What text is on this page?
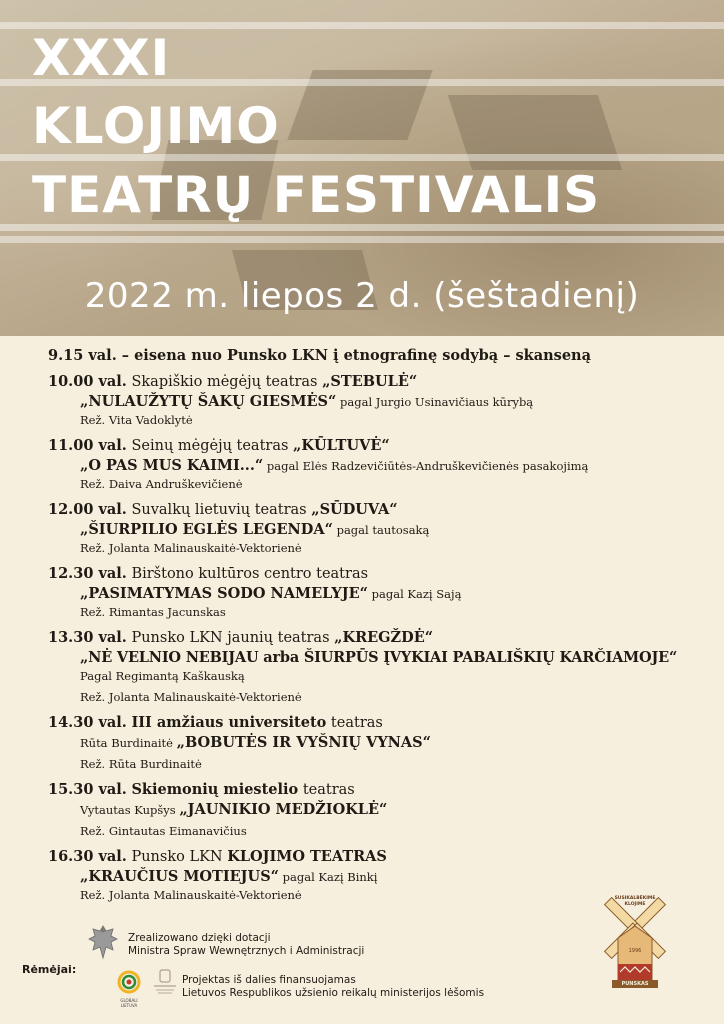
XXXI
KLOJIMO
TEATRŲ FESTIVALIS
2022 m. liepos 2 d. (šeštadienį)
9.15 val. – eisena nuo Punsko LKN į etnografinę sodybą – skanseną
10.00 val. Skapiškio mėgėjų teatras „STEBULĖ“
„NULAUŽYTŲ ŠAKŲ GIESMĖS“ pagal Jurgio Usinavičiaus kūrybą
Rež. Vita Vadoklytė
11.00 val. Seinų mėgėjų teatras „KŪLTUVĖ“
„O PAS MUS KAIMI...“ pagal Elės Radzevičiūtės-Andruškevičienės pasakojimą
Rež. Daiva Andruškevičienė
12.00 val. Suvalkų lietuvių teatras „SŪDUVA“
„ŠIURPILIO EGLĖS LEGENDA“ pagal tautosaką
Rež. Jolanta Malinauskaitė-Vektorienė
12.30 val. Birštono kultūros centro teatras
„PASIMATYMAS SODO NAMELYJE“ pagal Kazį Sają
Rež. Rimantas Jacunskas
13.30 val. Punsko LKN jaunių teatras „KREGŽDĖ“
„NĖ VELNIO NEBIJAU arba ŠIURPŪS ĮVYKIAI PABALIŠKIŲ KARČIAMOJE“
Pagal Regimantą Kaškauską
Rež. Jolanta Malinauskaitė-Vektorienė
14.30 val. III amžiaus universiteto teatras
Rūta Burdinaitė „BOBUTĖS IR VYŠNIŲ VYNAS“
Rež. Rūta Burdinaitė
15.30 val. Skiemonių miestelio teatras
Vytautas Kupšys „JAUNIKIO MEDŽIOKLĖ“
Rež. Gintautas Eimanavičius
16.30 val. Punsko LKN KLOJIMO TEATRAS
„KRAUČIUS MOTIEJUS“ pagal Kazį Binkį
Rež. Jolanta Malinauskaitė-Vektorienė
Zrealizowano dzięki dotacji
Ministra Spraw Wewnętrznych i Administracji
Rėmėjai:
GLOBALI LIETUVA
Projektas iš dalies finansuojamas
Lietuvos Respublikos užsienio reikalų ministerijos lėšomis
SUSIKALBĖKIME
KLOJIME
1996
PUNSKAS
